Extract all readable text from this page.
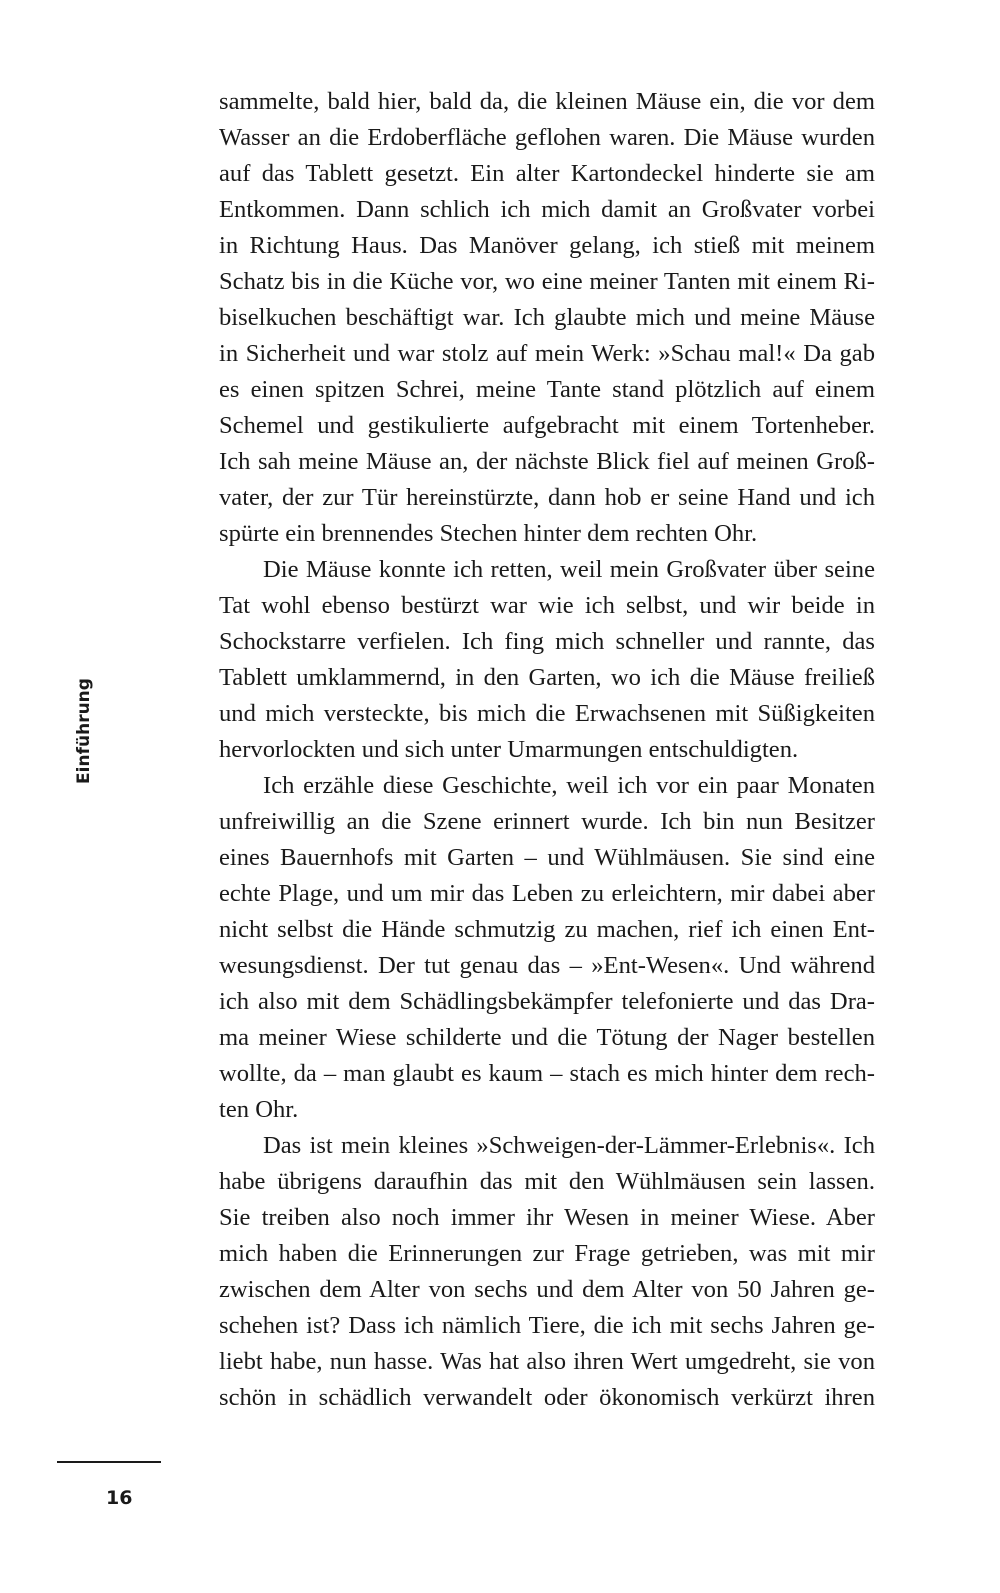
Einführung
sammelte, bald hier, bald da, die kleinen Mäuse ein, die vor dem
Wasser an die Erdoberfläche geflohen waren. Die Mäuse wurden
auf das Tablett gesetzt. Ein alter Kartondeckel hinderte sie am
Entkommen. Dann schlich ich mich damit an Großvater vorbei
in Richtung Haus. Das Manöver gelang, ich stieß mit meinem
Schatz bis in die Küche vor, wo eine meiner Tanten mit einem Ri-
biselkuchen beschäftigt war. Ich glaubte mich und meine Mäuse
in Sicherheit und war stolz auf mein Werk: »Schau mal!« Da gab
es einen spitzen Schrei, meine Tante stand plötzlich auf einem
Schemel und gestikulierte aufgebracht mit einem Tortenheber.
Ich sah meine Mäuse an, der nächste Blick fiel auf meinen Groß-
vater, der zur Tür hereinstürzte, dann hob er seine Hand und ich
spürte ein brennendes Stechen hinter dem rechten Ohr.
Die Mäuse konnte ich retten, weil mein Großvater über seine
Tat wohl ebenso bestürzt war wie ich selbst, und wir beide in
Schockstarre verfielen. Ich fing mich schneller und rannte, das
Tablett umklammernd, in den Garten, wo ich die Mäuse freiließ
und mich versteckte, bis mich die Erwachsenen mit Süßigkeiten
hervorlockten und sich unter Umarmungen entschuldigten.
Ich erzähle diese Geschichte, weil ich vor ein paar Monaten
unfreiwillig an die Szene erinnert wurde. Ich bin nun Besitzer
eines Bauernhofs mit Garten – und Wühlmäusen. Sie sind eine
echte Plage, und um mir das Leben zu erleichtern, mir dabei aber
nicht selbst die Hände schmutzig zu machen, rief ich einen Ent-
wesungsdienst. Der tut genau das – »Ent-Wesen«. Und während
ich also mit dem Schädlingsbekämpfer telefonierte und das Dra-
ma meiner Wiese schilderte und die Tötung der Nager bestellen
wollte, da – man glaubt es kaum – stach es mich hinter dem rech-
ten Ohr.
Das ist mein kleines »Schweigen-der-Lämmer-Erlebnis«. Ich
habe übrigens daraufhin das mit den Wühlmäusen sein lassen.
Sie treiben also noch immer ihr Wesen in meiner Wiese. Aber
mich haben die Erinnerungen zur Frage getrieben, was mit mir
zwischen dem Alter von sechs und dem Alter von 50 Jahren ge-
schehen ist? Dass ich nämlich Tiere, die ich mit sechs Jahren ge-
liebt habe, nun hasse. Was hat also ihren Wert umgedreht, sie von
schön in schädlich verwandelt oder ökonomisch verkürzt ihren
16
